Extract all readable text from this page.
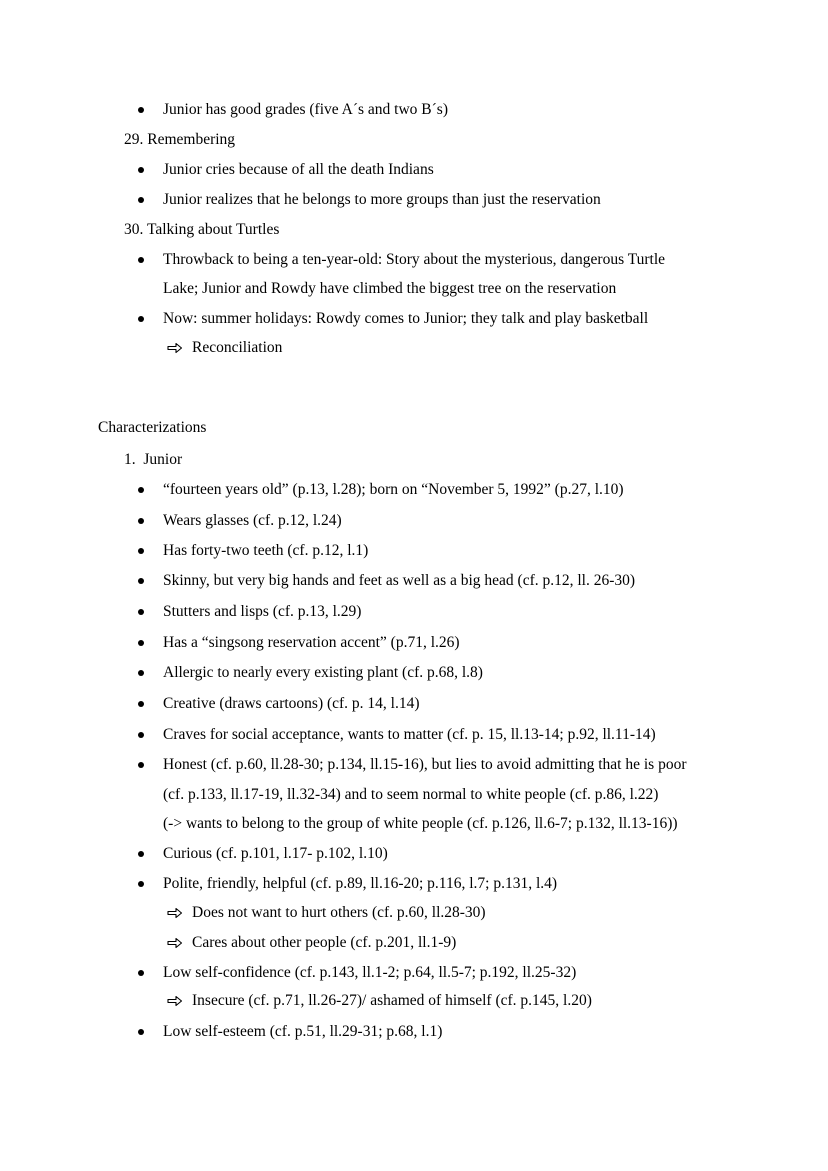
Junior has good grades (five A´s and two B´s)
29. Remembering
Junior cries because of all the death Indians
Junior realizes that he belongs to more groups than just the reservation
30. Talking about Turtles
Throwback to being a ten-year-old: Story about the mysterious, dangerous Turtle
Lake; Junior and Rowdy have climbed the biggest tree on the reservation
Now: summer holidays: Rowdy comes to Junior; they talk and play basketball
Reconciliation
Characterizations
1.  Junior
“fourteen years old” (p.13, l.28); born on “November 5, 1992” (p.27, l.10)
Wears glasses (cf. p.12, l.24)
Has forty-two teeth (cf. p.12, l.1)
Skinny, but very big hands and feet as well as a big head (cf. p.12, ll. 26-30)
Stutters and lisps (cf. p.13, l.29)
Has a “singsong reservation accent” (p.71, l.26)
Allergic to nearly every existing plant (cf. p.68, l.8)
Creative (draws cartoons) (cf. p. 14, l.14)
Craves for social acceptance, wants to matter (cf. p. 15, ll.13-14; p.92, ll.11-14)
Honest (cf. p.60, ll.28-30; p.134, ll.15-16), but lies to avoid admitting that he is poor
(cf. p.133, ll.17-19, ll.32-34) and to seem normal to white people (cf. p.86, l.22)
(-> wants to belong to the group of white people (cf. p.126, ll.6-7; p.132, ll.13-16))
Curious (cf. p.101, l.17- p.102, l.10)
Polite, friendly, helpful (cf. p.89, ll.16-20; p.116, l.7; p.131, l.4)
Does not want to hurt others (cf. p.60, ll.28-30)
Cares about other people (cf. p.201, ll.1-9)
Low self-confidence (cf. p.143, ll.1-2; p.64, ll.5-7; p.192, ll.25-32)
Insecure (cf. p.71, ll.26-27)/ ashamed of himself (cf. p.145, l.20)
Low self-esteem (cf. p.51, ll.29-31; p.68, l.1)
